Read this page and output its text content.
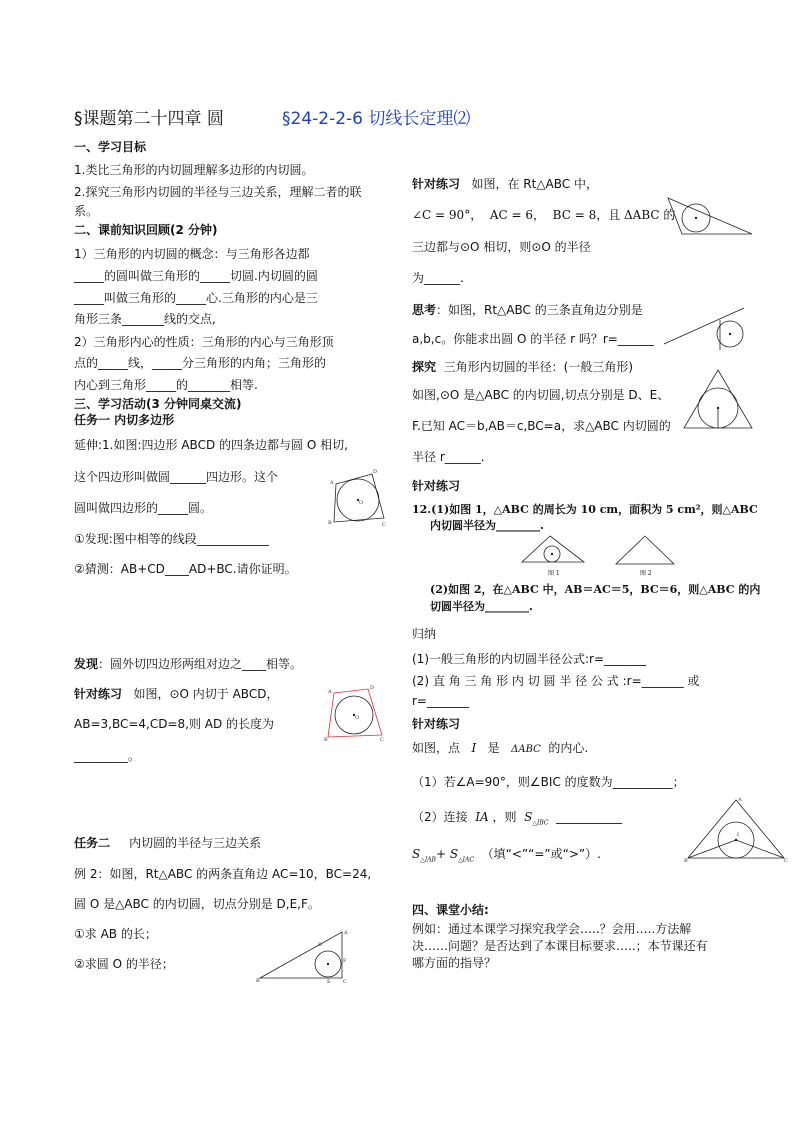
§课题第二十四章 圆	§24-2-2-6 切线长定理⑵
一、学习目标
1.类比三角形的内切圆理解多边形的内切圆。
2.探究三角形内切圆的半径与三边关系，理解二者的联
系。
二、课前知识回顾(2 分钟)
1）三角形的内切圆的概念：与三角形各边都
_____的圆叫做三角形的_____切圆.内切圆的圆
_____叫做三角形的_____心.三角形的内心是三
角形三条_______线的交点,
2）三角形内心的性质：三角形的内心与三角形顶
点的_____线，_____分三角形的内角；三角形的
内心到三角形_____的_______相等.
三、学习活动(3 分钟同桌交流)
任务一 内切多边形
延伸:1.如图:四边形 ABCD 的四条边都与圆 O 相切,
这个四边形叫做圆______四边形。这个
圆叫做四边形的_____圆。
①发现:图中相等的线段____________
②猜测：AB+CD____AD+BC.请你证明。
A
D
B	C
O
发现：圆外切四边形两组对边之____相等。
针对练习 如图，⊙O 内切于 ABCD，
AB=3,BC=4,CD=8,则 AD 的长度为
_________。
A
D
B	C
O
任务二 内切圆的半径与三边关系
例 2：如图，Rt△ABC 的两条直角边 AC=10，BC=24,
圆 O 是△ABC 的内切圆，切点分别是 D,E,F。
①求 AB 的长；
②求圆 O 的半径；
A
B	C
D
E
F
针对练习 如图，在 Rt△ABC 中，
∠C = 90°， AC = 6， BC = 8，且 ΔABC 的
三边都与⊙O 相切，则⊙O 的半径
为______.
思考：如图，Rt△ABC 的三条直角边分别是
a,b,c。你能求出圆 O 的半径 r 吗？r=______
探究 三角形内切圆的半径：(一般三角形)
如图,⊙O 是△ABC 的内切圆,切点分别是 D、E、
F.已知 AC＝b,AB＝c,BC=a，求△ABC 内切圆的
半径 r______.
针对练习
12.(1)如图 1，△ABC 的周长为 10 cm，面积为 5 cm²，则△ABC
内切圆半径为________.
图 1	图 2
(2)如图 2，在△ABC 中，AB＝AC＝5，BC＝6，则△ABC 的内
切圆半径为________.
归纳
(1)一般三角形的内切圆半径公式:r=_______
(2) 直 角 三 角 形 内 切 圆 半 径 公 式 :r=_______ 或
r=_______
针对练习
如图，点 I 是 ΔABC 的内心.
（1）若∠A=90°，则∠BIC 的度数为__________；
（2）连接 IA ，则 $S_{\triangle IBC}$ ___________
$S_{\triangle IAB}+ S_{\triangle IAC}$ （填“<”“=”或“>”）.
A
B	C
I
四、课堂小结:
例如：通过本课学习探究我学会…..？会用…..方法解
决……问题？是否达到了本课目标要求…..；本节课还有
哪方面的指导？
